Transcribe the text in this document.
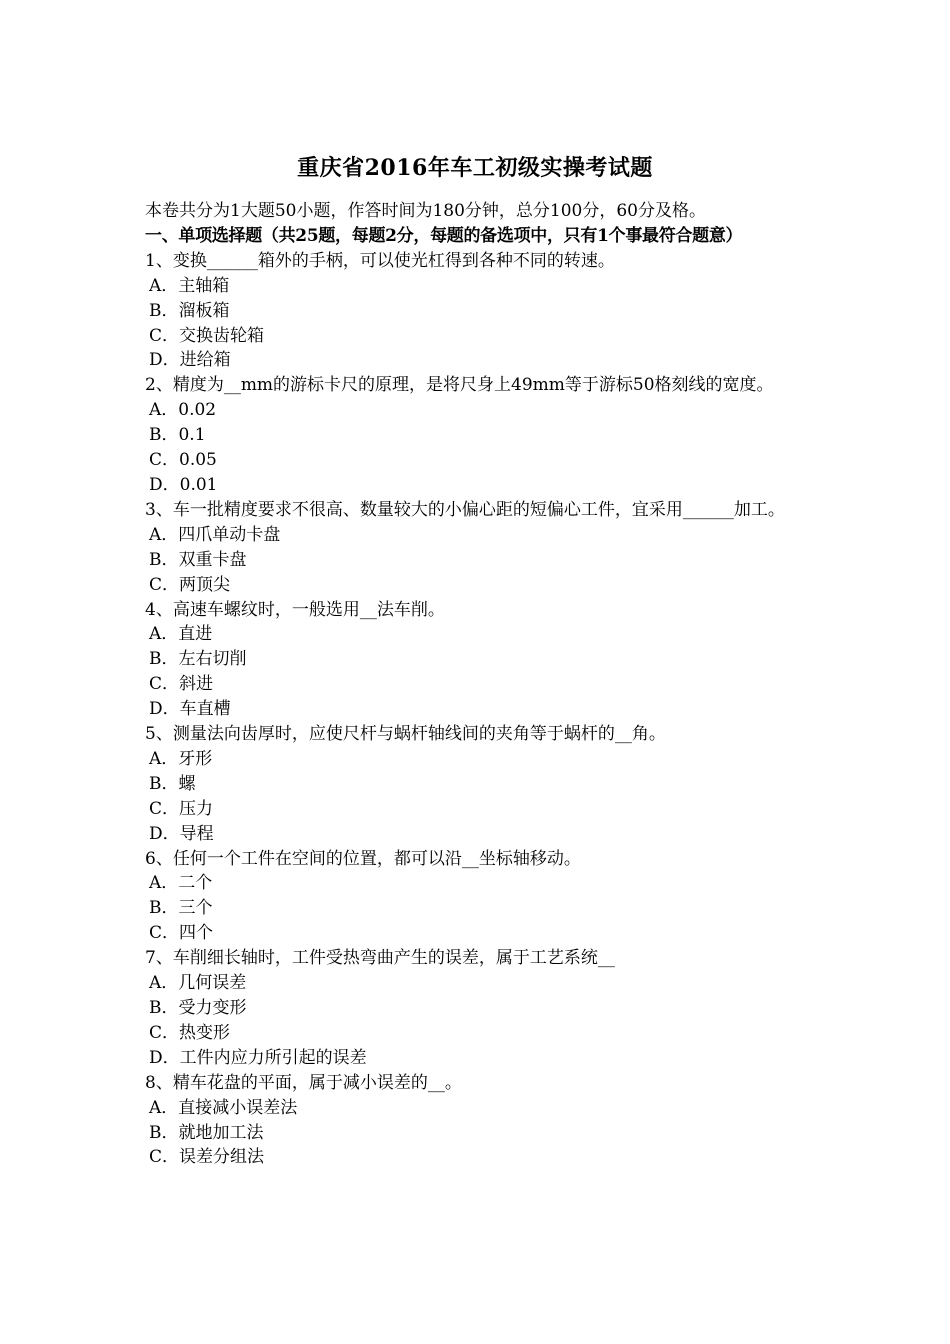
重庆省2016年车工初级实操考试题
本卷共分为1大题50小题，作答时间为180分钟，总分100分，60分及格。
一、单项选择题（共25题，每题2分，每题的备选项中，只有1个事最符合题意）
1、变换______箱外的手柄，可以使光杠得到各种不同的转速。
A．主轴箱
B．溜板箱
C．交换齿轮箱
D．进给箱
2、精度为__mm的游标卡尺的原理，是将尺身上49mm等于游标50格刻线的宽度。
A．0.02
B．0.1
C．0.05
D．0.01
3、车一批精度要求不很高、数量较大的小偏心距的短偏心工件，宜采用______加工。
A．四爪单动卡盘
B．双重卡盘
C．两顶尖
4、高速车螺纹时，一般选用__法车削。
A．直进
B．左右切削
C．斜进
D．车直槽
5、测量法向齿厚时，应使尺杆与蜗杆轴线间的夹角等于蜗杆的__角。
A．牙形
B．螺
C．压力
D．导程
6、任何一个工件在空间的位置，都可以沿__坐标轴移动。
A．二个
B．三个
C．四个
7、车削细长轴时，工件受热弯曲产生的误差，属于工艺系统__
A．几何误差
B．受力变形
C．热变形
D．工件内应力所引起的误差
8、精车花盘的平面，属于减小误差的__。
A．直接减小误差法
B．就地加工法
C．误差分组法
